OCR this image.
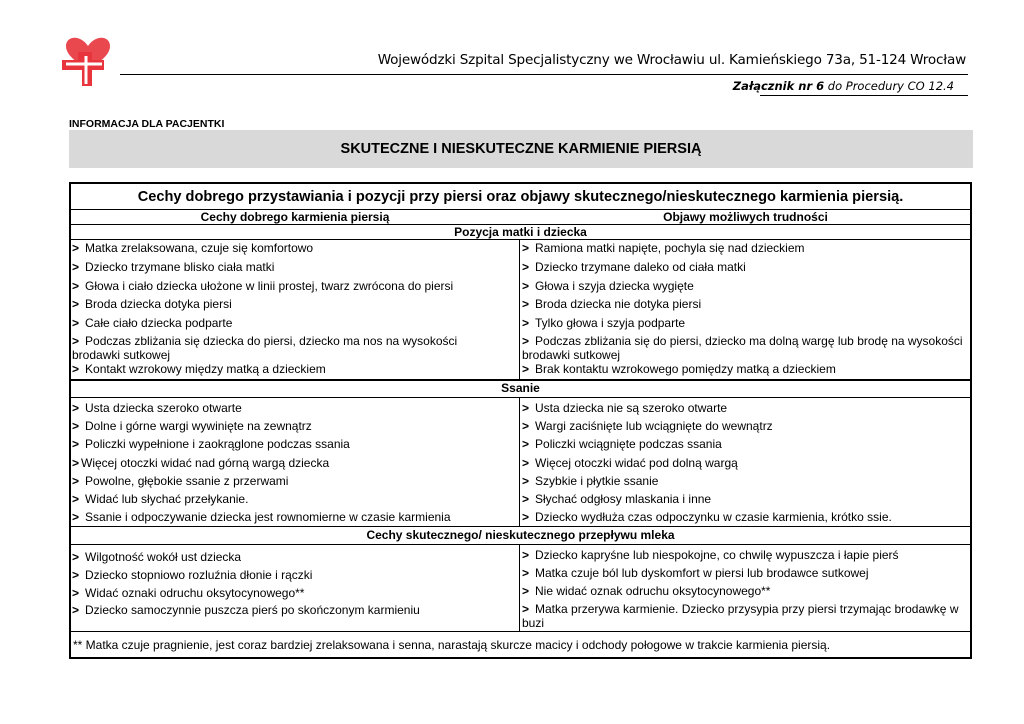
Wojewódzki Szpital Specjalistyczny we Wrocławiu ul. Kamieńskiego 73a, 51-124 Wrocław
Załącznik nr 6 do Procedury CO 12.4
INFORMACJA DLA PACJENTKI
SKUTECZNE I NIESKUTECZNE KARMIENIE PIERSIĄ
Cechy dobrego przystawiania i pozycji przy piersi oraz objawy skutecznego/nieskutecznego karmienia piersią.
Cechy dobrego karmienia piersią	Objawy możliwych trudności
Pozycja matki i dziecka
> Matka zrelaksowana, czuje się komfortowo
> Dziecko trzymane blisko ciała matki
> Głowa i ciało dziecka ułożone w linii prostej, twarz zwrócona do piersi
> Broda dziecka dotyka piersi
> Całe ciało dziecka podparte
> Podczas zbliżania się dziecka do piersi, dziecko ma nos na wysokości brodawki sutkowej
> Kontakt wzrokowy między matką a dzieckiem
> Ramiona matki napięte, pochyla się nad dzieckiem
> Dziecko trzymane daleko od ciała matki
> Głowa i szyja dziecka wygięte
> Broda dziecka nie dotyka piersi
> Tylko głowa i szyja podparte
> Podczas zbliżania się do piersi, dziecko ma dolną wargę lub brodę na wysokości brodawki sutkowej
> Brak kontaktu wzrokowego pomiędzy matką a dzieckiem
Ssanie
> Usta dziecka szeroko otwarte
> Dolne i górne wargi wywinięte na zewnątrz
> Policzki wypełnione i zaokrąglone podczas ssania
> Więcej otoczki widać nad górną wargą dziecka
> Powolne, głębokie ssanie z przerwami
> Widać lub słychać przełykanie.
> Ssanie i odpoczywanie dziecka jest rownomierne w czasie karmienia
> Usta dziecka nie są szeroko otwarte
> Wargi zaciśnięte lub wciągnięte do wewnątrz
> Policzki wciągnięte podczas ssania
> Więcej otoczki widać pod dolną wargą
> Szybkie i płytkie ssanie
> Słychać odgłosy mlaskania i inne
> Dziecko wydłuża czas odpoczynku w czasie karmienia, krótko ssie.
Cechy skutecznego/ nieskutecznego przepływu mleka
> Wilgotność wokół ust dziecka
> Dziecko stopniowo rozluźnia dłonie i rączki
> Widać oznaki odruchu oksytocynowego**
> Dziecko samoczynnie puszcza pierś po skończonym karmieniu
> Dziecko kapryśne lub niespokojne, co chwilę wypuszcza i łapie pierś
> Matka czuje ból lub dyskomfort w piersi lub brodawce sutkowej
> Nie widać oznak odruchu oksytocynowego**
> Matka przerywa karmienie. Dziecko przysypia przy piersi trzymając brodawkę w buzi
** Matka czuje pragnienie, jest coraz bardziej zrelaksowana i senna, narastają skurcze macicy i odchody połogowe w trakcie karmienia piersią.
